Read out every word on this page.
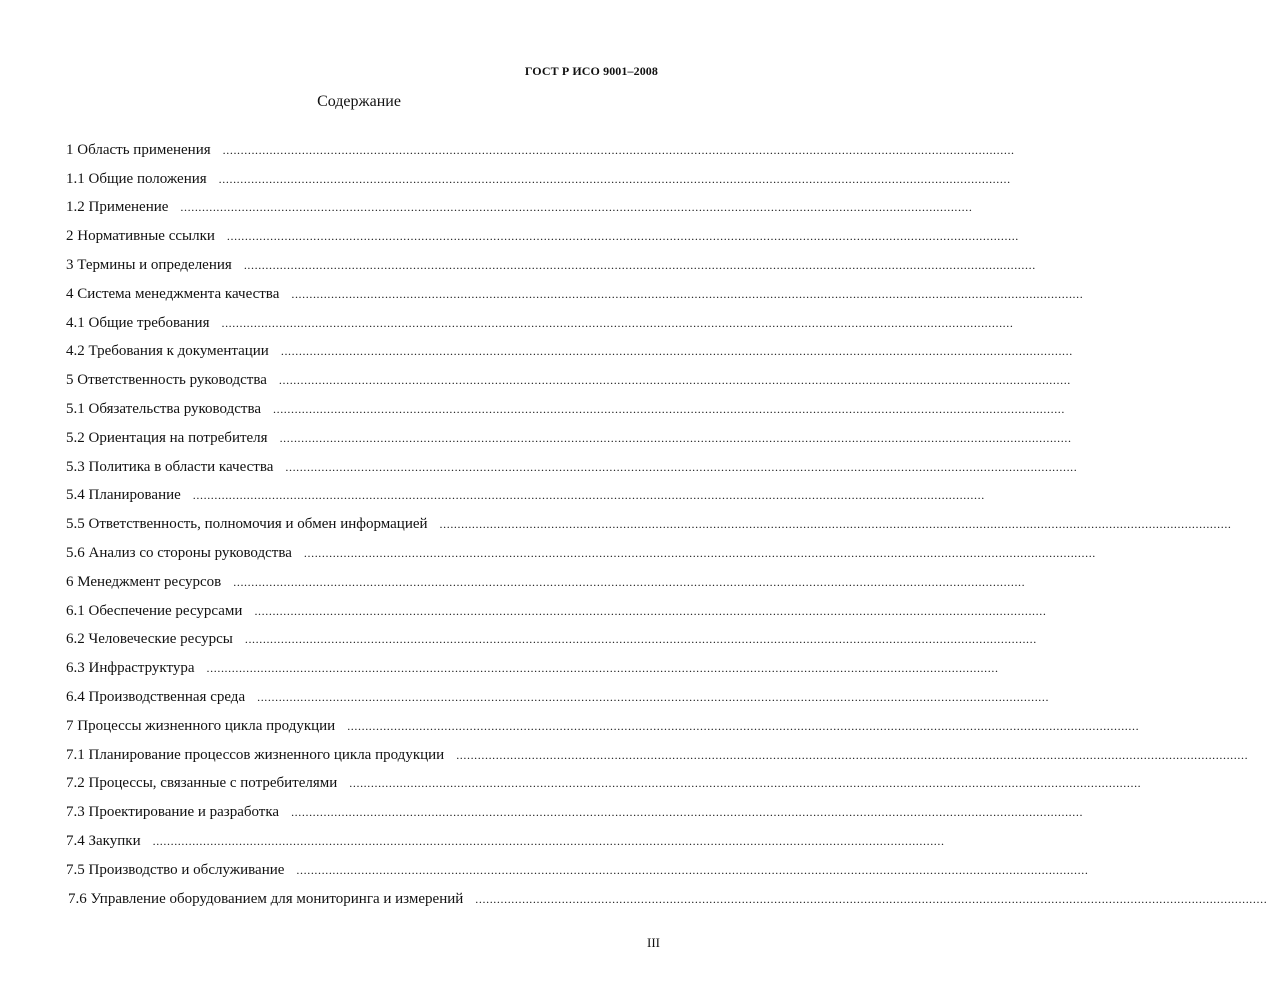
ГОСТ Р ИСО 9001–2008
Содержание
1 Область применения ............................................................................................................................................................................................................................
1.1 Общие положения ............................................................................................................................................................................................................................
1.2 Применение ............................................................................................................................................................................................................................
2 Нормативные ссылки ............................................................................................................................................................................................................................
3 Термины и определения ............................................................................................................................................................................................................................
4 Система менеджмента качества ............................................................................................................................................................................................................................
4.1 Общие требования ............................................................................................................................................................................................................................
4.2 Требования к документации ............................................................................................................................................................................................................................
5 Ответственность руководства ............................................................................................................................................................................................................................
5.1 Обязательства руководства ............................................................................................................................................................................................................................
5.2 Ориентация на потребителя ............................................................................................................................................................................................................................
5.3 Политика в области качества ............................................................................................................................................................................................................................
5.4 Планирование ............................................................................................................................................................................................................................
5.5 Ответственность, полномочия и обмен информацией ............................................................................................................................................................................................................................
5.6 Анализ со стороны руководства ............................................................................................................................................................................................................................
6 Менеджмент ресурсов ............................................................................................................................................................................................................................
6.1 Обеспечение ресурсами ............................................................................................................................................................................................................................
6.2 Человеческие ресурсы ............................................................................................................................................................................................................................
6.3 Инфраструктура ............................................................................................................................................................................................................................
6.4 Производственная среда ............................................................................................................................................................................................................................
7 Процессы жизненного цикла продукции ............................................................................................................................................................................................................................
7.1 Планирование процессов жизненного цикла продукции ............................................................................................................................................................................................................................
7.2 Процессы, связанные с потребителями ............................................................................................................................................................................................................................
7.3 Проектирование и разработка ............................................................................................................................................................................................................................
7.4 Закупки ............................................................................................................................................................................................................................
7.5 Производство и обслуживание ............................................................................................................................................................................................................................
7.6 Управление оборудованием для мониторинга и измерений ............................................................................................................................................................................................................................
III
